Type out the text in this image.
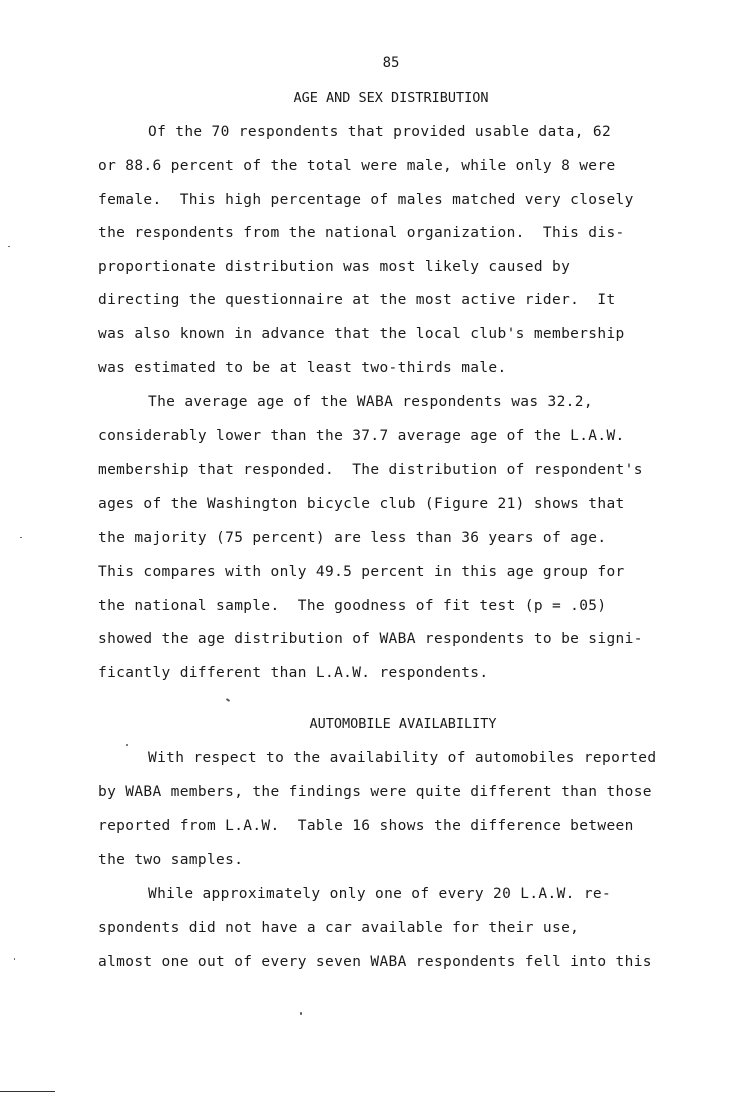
85
AGE AND SEX DISTRIBUTION
Of the 70 respondents that provided usable data, 62
or 88.6 percent of the total were male, while only 8 were
female.  This high percentage of males matched very closely
the respondents from the national organization.  This dis-
proportionate distribution was most likely caused by
directing the questionnaire at the most active rider.  It
was also known in advance that the local club's membership
was estimated to be at least two-thirds male.
The average age of the WABA respondents was 32.2,
considerably lower than the 37.7 average age of the L.A.W.
membership that responded.  The distribution of respondent's
ages of the Washington bicycle club (Figure 21) shows that
the majority (75 percent) are less than 36 years of age.
This compares with only 49.5 percent in this age group for
the national sample.  The goodness of fit test (p = .05)
showed the age distribution of WABA respondents to be signi-
ficantly different than L.A.W. respondents.
AUTOMOBILE AVAILABILITY
With respect to the availability of automobiles reported
by WABA members, the findings were quite different than those
reported from L.A.W.  Table 16 shows the difference between
the two samples.
While approximately only one of every 20 L.A.W. re-
spondents did not have a car available for their use,
almost one out of every seven WABA respondents fell into this
